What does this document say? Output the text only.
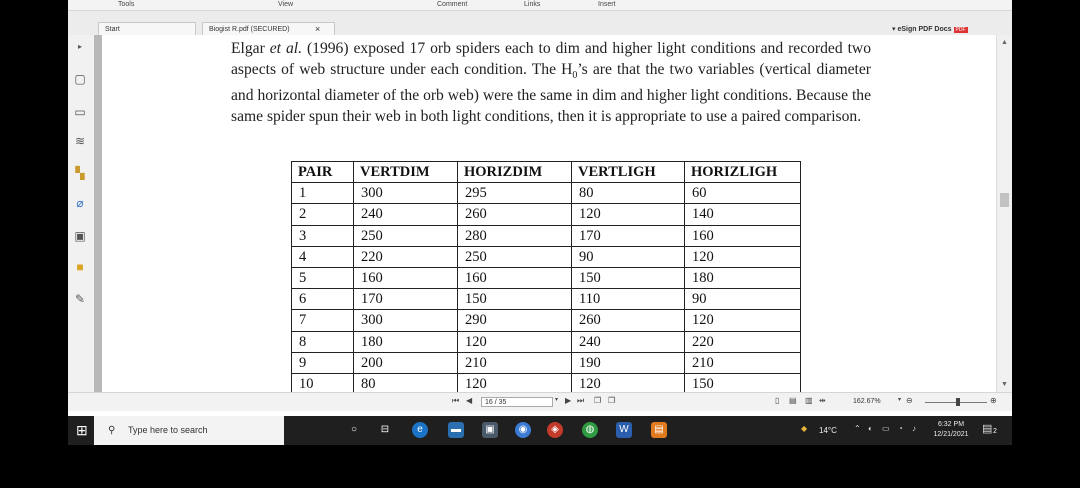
Tools	View	Comment	Links	Insert
Start	Biogist R.pdf (SECURED)	×	▾ eSign PDF Docs PDF
▸
▢
▭
≋
▚
⌀
▣
■
✎

Elgar et al. (1996) exposed 17 orb spiders each to dim and higher light conditions and recorded two aspects of web structure under each condition. The $H_0’s$ are that the two variables (vertical diameter and horizontal diameter of the orb web) were the same in dim and higher light conditions. Because the same spider spun their web in both light conditions, then it is appropriate to use a paired comparison.

PAIR	VERTDIM	HORIZDIM	VERTLIGH	HORIZLIGH
1	300	295	80	60
2	240	260	120	140
3	250	280	170	160
4	220	250	90	120
5	160	160	150	180
6	170	150	110	90
7	300	290	260	120
8	180	120	240	220
9	200	210	190	210
10	80	120	120	150
▲
▼
⏮ ◀	16 / 35	▾ ▶ ⏭ ❐ ❐	▯ ▤ ▥ ⇹	162.67%	▾ ⊖	⊕
⊞ ⚲ Type here to search	○	⊟	e	▬	▣	◉	◈	◍	W	▤	◆ 14°C ⌃ ◐ ▭ ◔ ♪	6:32 PM
12/21/2021	▤ 2
